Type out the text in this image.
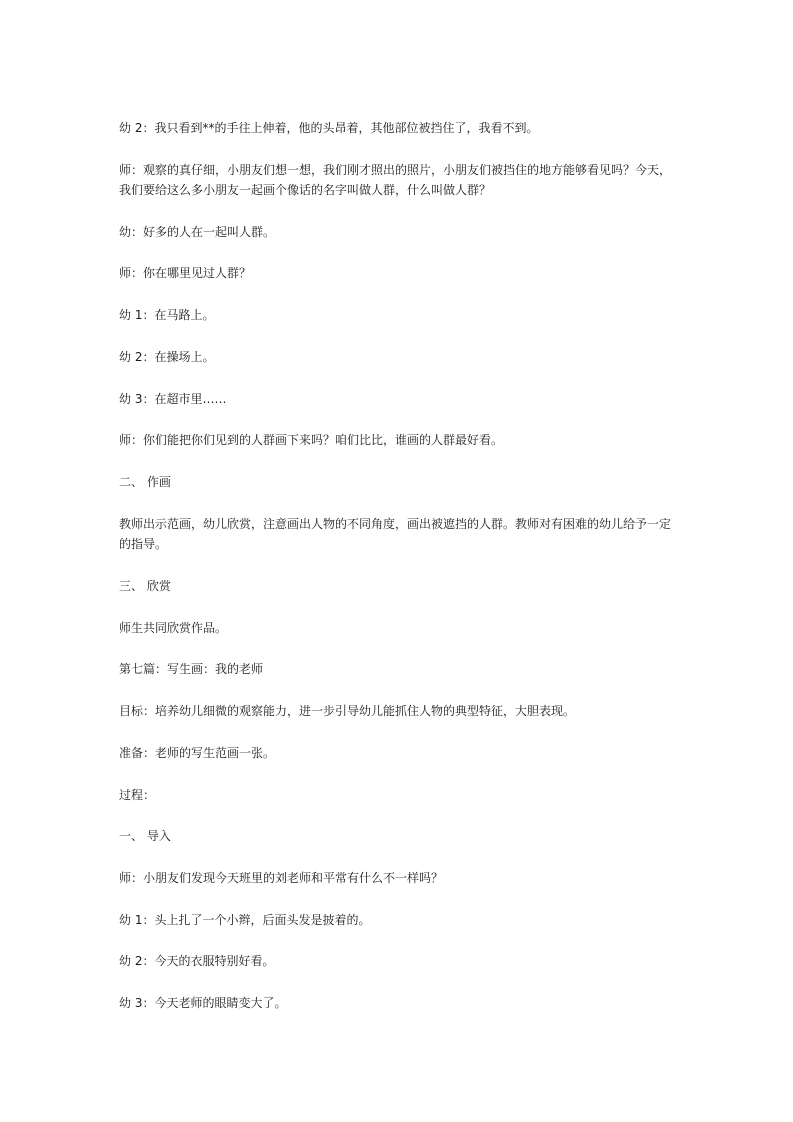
幼 2：我只看到**的手往上伸着，他的头昂着，其他部位被挡住了，我看不到。

师：观察的真仔细，小朋友们想一想，我们刚才照出的照片，小朋友们被挡住的地方能够看见吗？今天，我们要给这么多小朋友一起画个像话的名字叫做人群，什么叫做人群？

幼：好多的人在一起叫人群。

师：你在哪里见过人群？

幼 1：在马路上。

幼 2：在操场上。

幼 3：在超市里……

师：你们能把你们见到的人群画下来吗？咱们比比，谁画的人群最好看。

二、 作画

教师出示范画，幼儿欣赏，注意画出人物的不同角度，画出被遮挡的人群。教师对有困难的幼儿给予一定的指导。

三、 欣赏

师生共同欣赏作品。

第七篇：写生画：我的老师

目标：培养幼儿细微的观察能力，进一步引导幼儿能抓住人物的典型特征，大胆表现。

准备：老师的写生范画一张。

过程：

一、 导入

师：小朋友们发现今天班里的刘老师和平常有什么不一样吗？

幼 1：头上扎了一个小辫，后面头发是披着的。

幼 2：今天的衣服特别好看。

幼 3：今天老师的眼睛变大了。
